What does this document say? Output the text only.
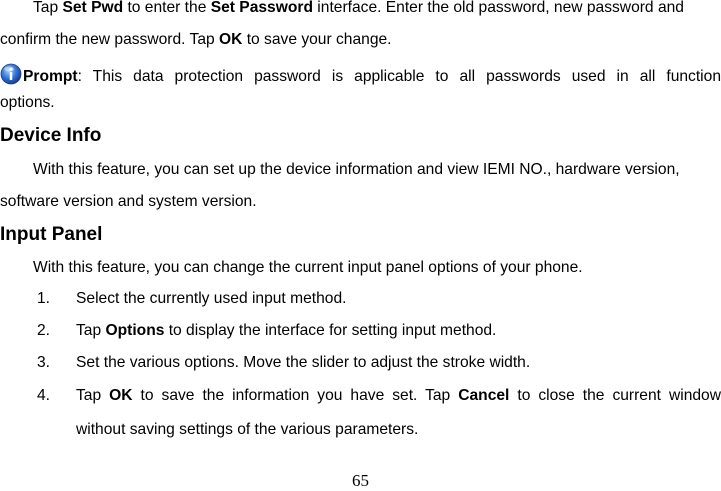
Tap Set Pwd to enter the Set Password interface. Enter the old password, new password and
confirm the new password. Tap OK to save your change.
Prompt: This data protection password is applicable to all passwords used in all function
options.
Device Info
With this feature, you can set up the device information and view IEMI NO., hardware version,
software version and system version.
Input Panel
With this feature, you can change the current input panel options of your phone.
1. Select the currently used input method.
2. Tap Options to display the interface for setting input method.
3. Set the various options. Move the slider to adjust the stroke width.
4. Tap OK to save the information you have set. Tap Cancel to close the current window
without saving settings of the various parameters.
65
